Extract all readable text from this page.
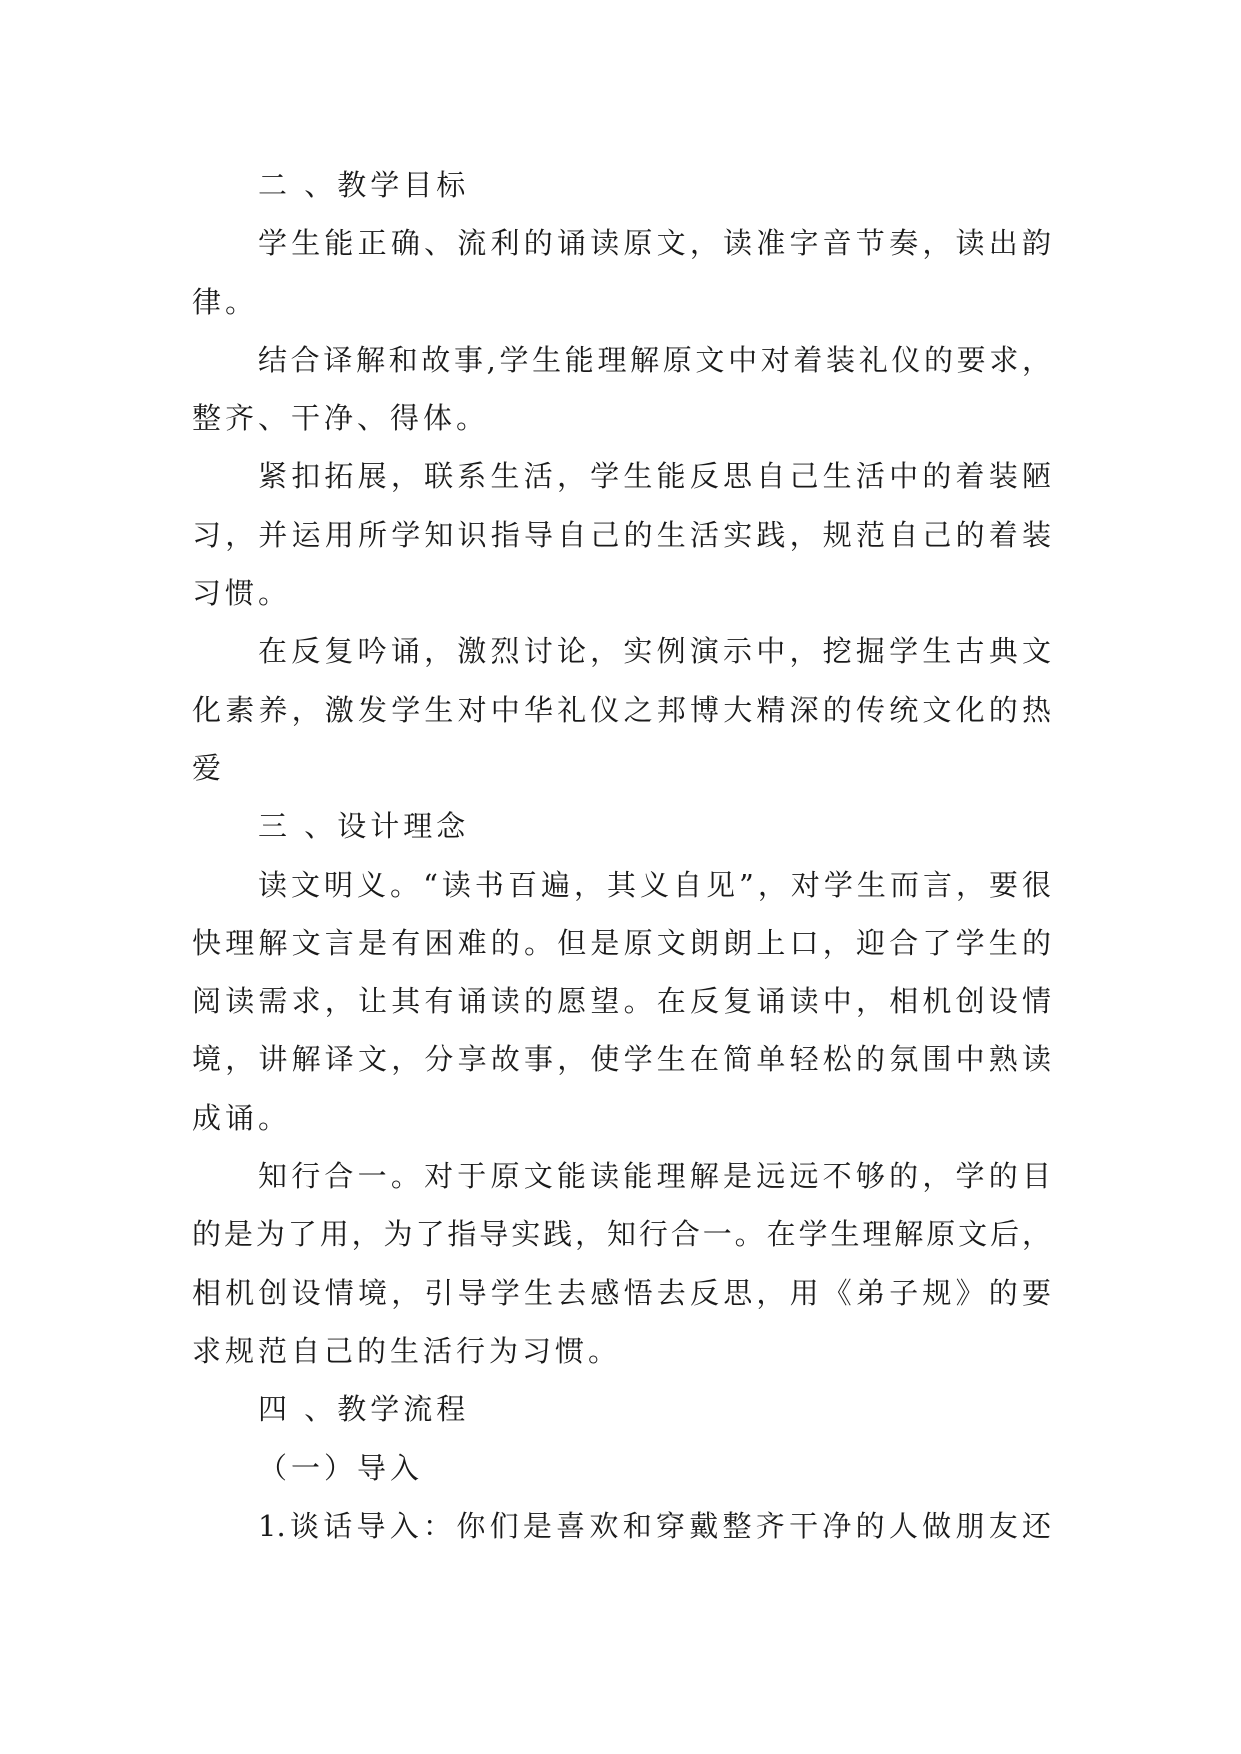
二 、教学目标
学生能正确、流利的诵读原文，读准字音节奏，读出韵
律。
结合译解和故事,学生能理解原文中对着装礼仪的要求，
整齐、干净、得体。
紧扣拓展，联系生活，学生能反思自己生活中的着装陋
习，并运用所学知识指导自己的生活实践，规范自己的着装
习惯。
在反复吟诵，激烈讨论，实例演示中，挖掘学生古典文
化素养，激发学生对中华礼仪之邦博大精深的传统文化的热
爱
三 、设计理念
读文明义。“读书百遍，其义自见”，对学生而言，要很
快理解文言是有困难的。但是原文朗朗上口，迎合了学生的
阅读需求，让其有诵读的愿望。在反复诵读中，相机创设情
境，讲解译文，分享故事，使学生在简单轻松的氛围中熟读
成诵。
知行合一。对于原文能读能理解是远远不够的，学的目
的是为了用，为了指导实践，知行合一。在学生理解原文后，
相机创设情境，引导学生去感悟去反思，用《弟子规》的要
求规范自己的生活行为习惯。
四 、教学流程
（一）导入
1.谈话导入：你们是喜欢和穿戴整齐干净的人做朋友还
